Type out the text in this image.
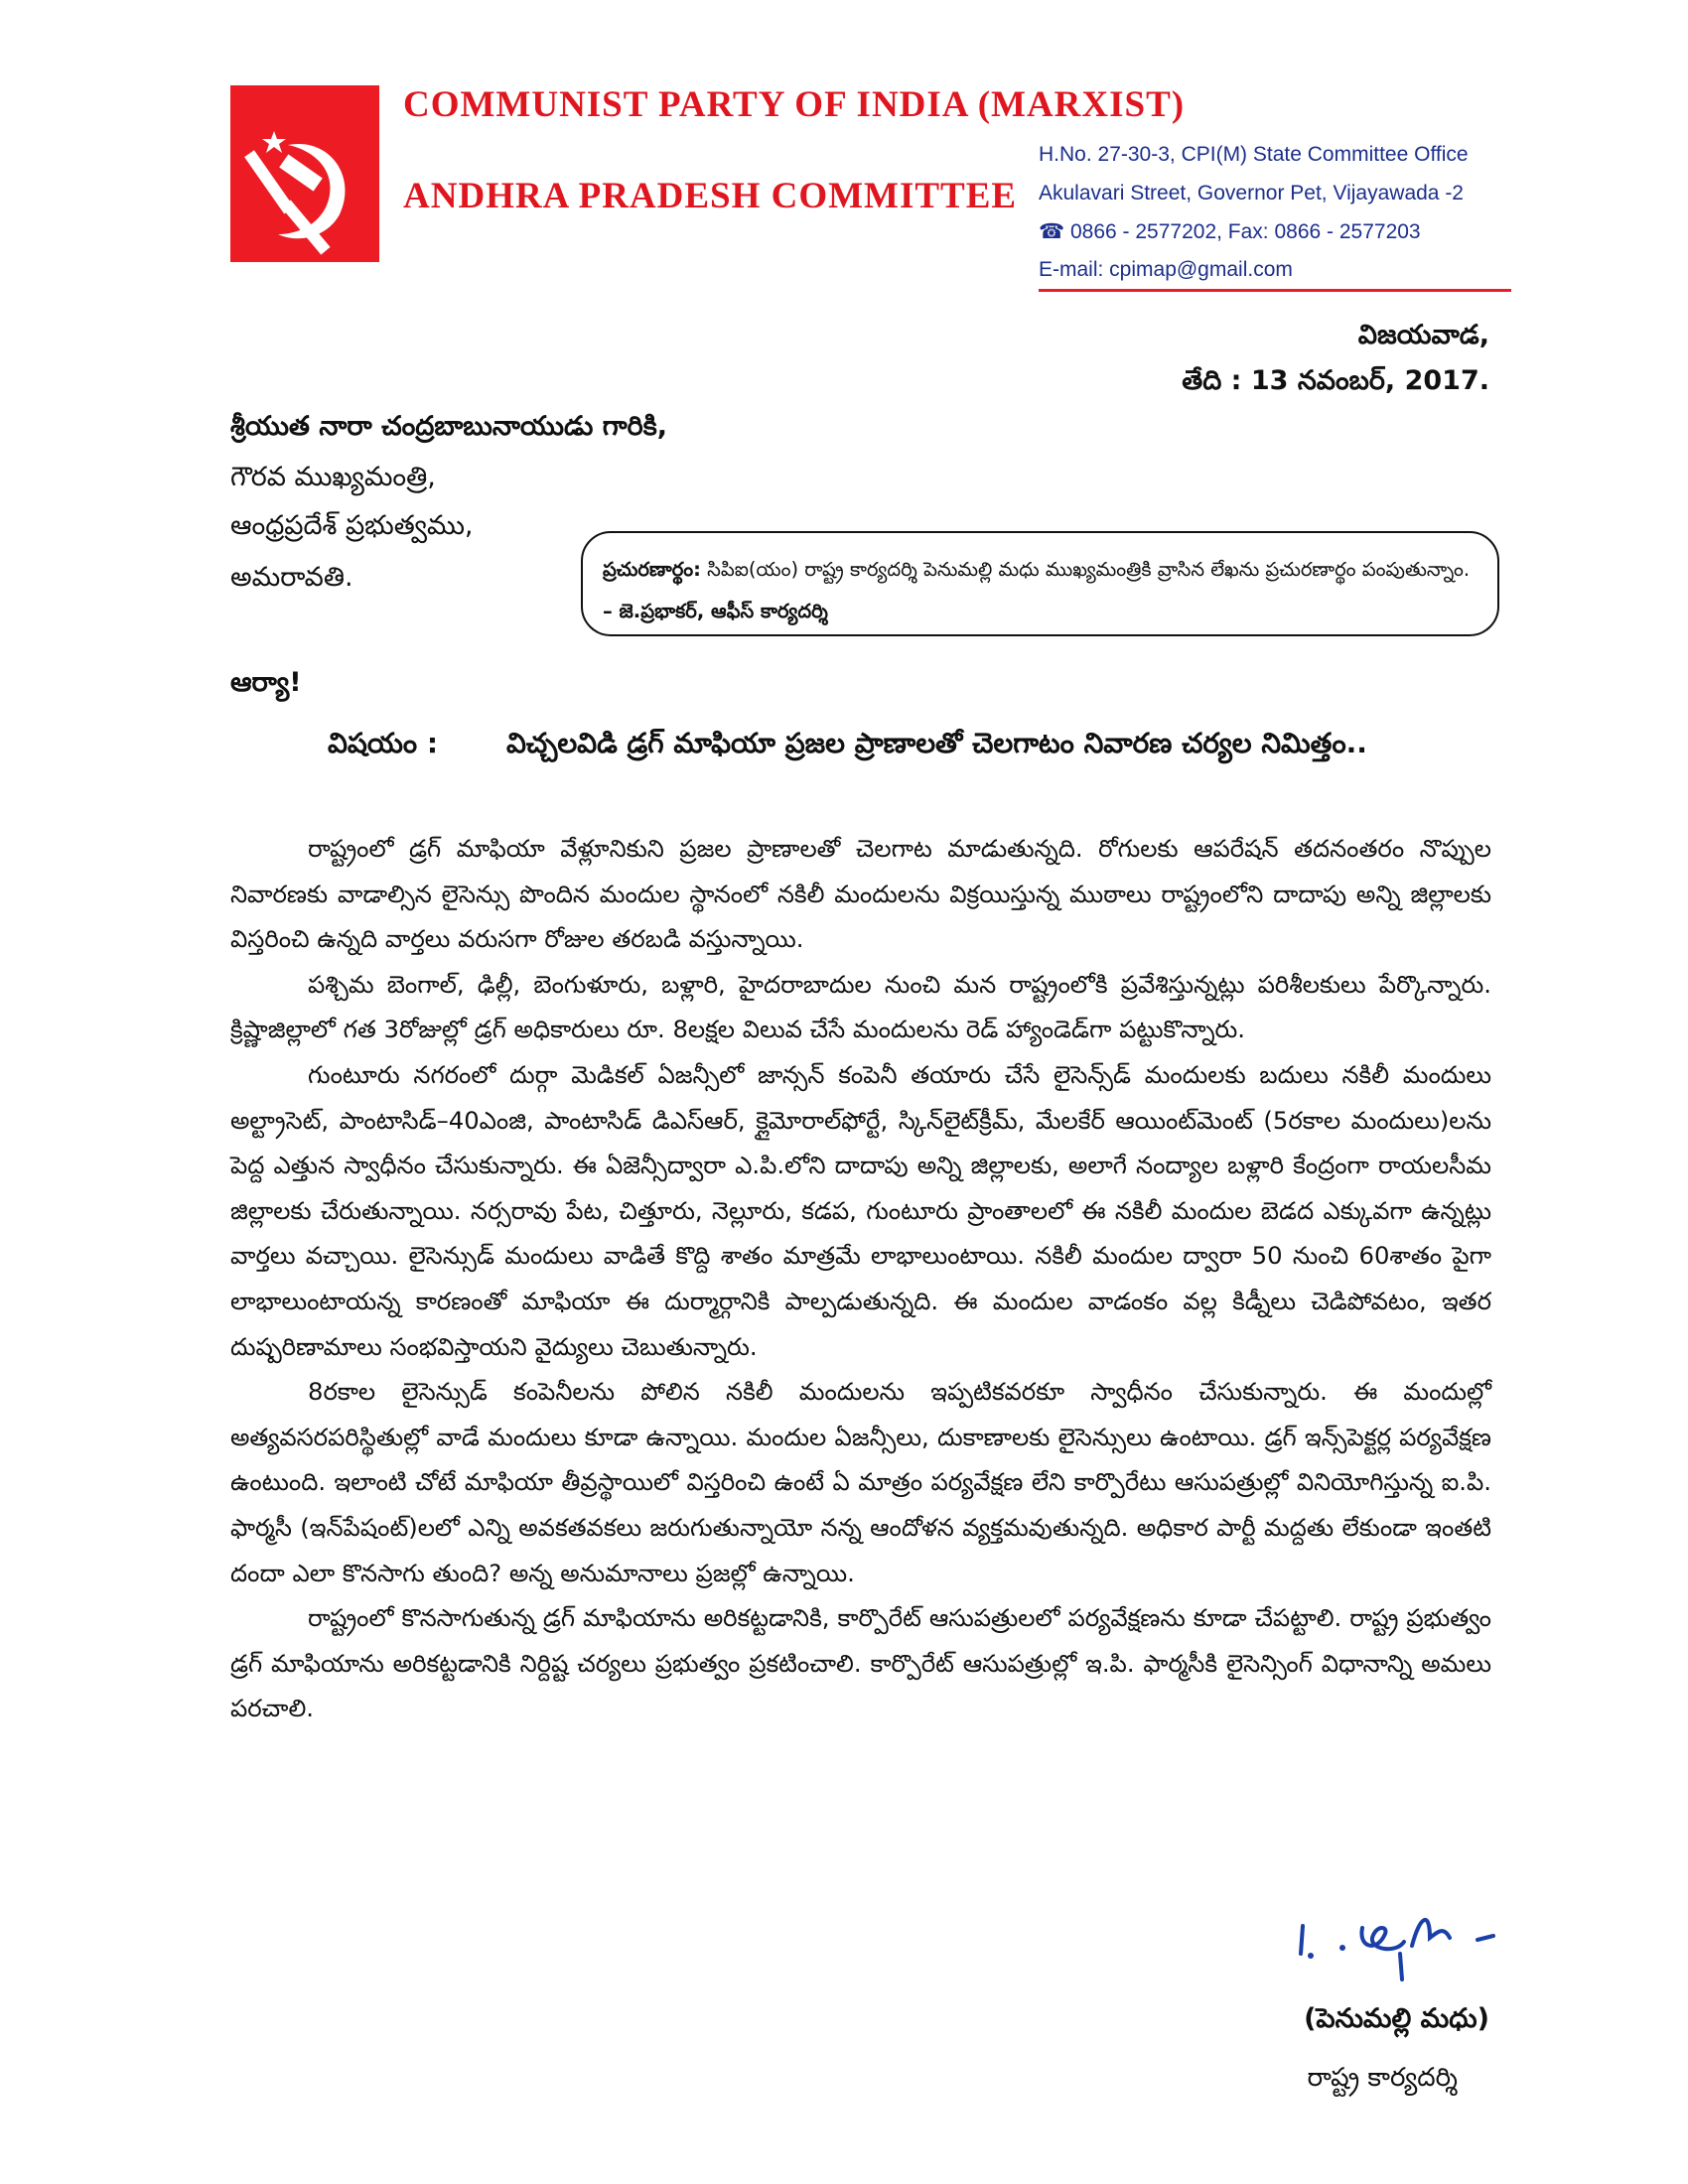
COMMUNIST PARTY OF INDIA (MARXIST)
ANDHRA PRADESH COMMITTEE
H.No. 27-30-3, CPI(M) State Committee Office
Akulavari Street, Governor Pet, Vijayawada -2
☎ 0866 - 2577202, Fax: 0866 - 2577203
E-mail: cpimap@gmail.com
విజయవాడ,
తేది : 13 నవంబర్, 2017.
శ్రీయుత నారా చంద్రబాబునాయుడు గారికి,
గౌరవ ముఖ్యమంత్రి,
ఆంధ్రప్రదేశ్ ప్రభుత్వము,
అమరావతి.	ప్రచురణార్థం: సిపిఐ(యం) రాష్ట్ర కార్యదర్శి పెనుమల్లి మధు ముఖ్యమంత్రికి వ్రాసిన లేఖను ప్రచురణార్థం పంపుతున్నాం. – జె.ప్రభాకర్, ఆఫీస్ కార్యదర్శి
ఆర్యా!
విషయం : విచ్చలవిడి డ్రగ్ మాఫియా ప్రజల ప్రాణాలతో చెలగాటం నివారణ చర్యల నిమిత్తం..

రాష్ట్రంలో డ్రగ్ మాఫియా వేళ్లూనికుని ప్రజల ప్రాణాలతో చెలగాట మాడుతున్నది. రోగులకు ఆపరేషన్ తదనంతరం నొప్పుల నివారణకు వాడాల్సిన లైసెన్సు పొందిన మందుల స్థానంలో నకిలీ మందులను విక్రయిస్తున్న ముఠాలు రాష్ట్రంలోని దాదాపు అన్ని జిల్లాలకు విస్తరించి ఉన్నది వార్తలు వరుసగా రోజుల తరబడి వస్తున్నాయి.

పశ్చిమ బెంగాల్, ఢిల్లీ, బెంగుళూరు, బళ్లారి, హైదరాబాదుల నుంచి మన రాష్ట్రంలోకి ప్రవేశిస్తున్నట్లు పరిశీలకులు పేర్కొన్నారు. క్రిష్ణాజిల్లాలో గత 3రోజుల్లో డ్రగ్ అధికారులు రూ. 8లక్షల విలువ చేసే మందులను రెడ్ హ్యాండెడ్‌గా పట్టుకొన్నారు.

గుంటూరు నగరంలో దుర్గా మెడికల్ ఏజన్సీలో జాన్సన్ కంపెనీ తయారు చేసే లైసెన్స్‌డ్ మందులకు బదులు నకిలీ మందులు అల్ట్రాసెట్, పాంటాసిడ్–40ఎంజి, పాంటాసిడ్ డిఎస్ఆర్, క్లైమోరాల్‌ఫోర్టే, స్కిన్‌లైట్‌క్రీమ్, మేలకేర్ ఆయింట్‌మెంట్ (5రకాల మందులు)లను పెద్ద ఎత్తున స్వాధీనం చేసుకున్నారు. ఈ ఏజెన్సీద్వారా ఎ.పి.లోని దాదాపు అన్ని జిల్లాలకు, అలాగే నంద్యాల బళ్లారి కేంద్రంగా రాయలసీమ జిల్లాలకు చేరుతున్నాయి. నర్సరావు పేట, చిత్తూరు, నెల్లూరు, కడప, గుంటూరు ప్రాంతాలలో ఈ నకిలీ మందుల బెడద ఎక్కువగా ఉన్నట్లు వార్తలు వచ్చాయి. లైసెన్సుడ్ మందులు వాడితే కొద్ది శాతం మాత్రమే లాభాలుంటాయి. నకిలీ మందుల ద్వారా 50 నుంచి 60శాతం పైగా లాభాలుంటాయన్న కారణంతో మాఫియా ఈ దుర్మార్గానికి పాల్పడుతున్నది. ఈ మందుల వాడంకం వల్ల కిడ్నీలు చెడిపోవటం, ఇతర దుష్పరిణామాలు సంభవిస్తాయని వైద్యులు చెబుతున్నారు.

8రకాల లైసెన్సుడ్ కంపెనీలను పోలిన నకిలీ మందులను ఇప్పటికవరకూ స్వాధీనం చేసుకున్నారు. ఈ మందుల్లో అత్యవసరపరిస్థితుల్లో వాడే మందులు కూడా ఉన్నాయి. మందుల ఏజన్సీలు, దుకాణాలకు లైసెన్సులు ఉంటాయి. డ్రగ్ ఇన్స్‌పెక్టర్ల పర్యవేక్షణ ఉంటుంది. ఇలాంటి చోటే మాఫియా తీవ్రస్థాయిలో విస్తరించి ఉంటే ఏ మాత్రం పర్యవేక్షణ లేని కార్పొరేటు ఆసుపత్రుల్లో వినియోగిస్తున్న ఐ.పి. ఫార్మసీ (ఇన్‌పేషంట్)లలో ఎన్ని అవకతవకలు జరుగుతున్నాయో నన్న ఆందోళన వ్యక్తమవుతున్నది. అధికార పార్టీ మద్దతు లేకుండా ఇంతటి దందా ఎలా కొనసాగు తుంది? అన్న అనుమానాలు ప్రజల్లో ఉన్నాయి.

రాష్ట్రంలో కొనసాగుతున్న డ్రగ్ మాఫియాను అరికట్టడానికి, కార్పొరేట్ ఆసుపత్రులలో పర్యవేక్షణను కూడా చేపట్టాలి. రాష్ట్ర ప్రభుత్వం డ్రగ్ మాఫియాను అరికట్టడానికి నిర్దిష్ట చర్యలు ప్రభుత్వం ప్రకటించాలి. కార్పొరేట్ ఆసుపత్రుల్లో ఇ.పి. ఫార్మసీకి లైసెన్సింగ్ విధానాన్ని అమలు పరచాలి.

(పెనుమల్లి మధు)
రాష్ట్ర కార్యదర్శి
